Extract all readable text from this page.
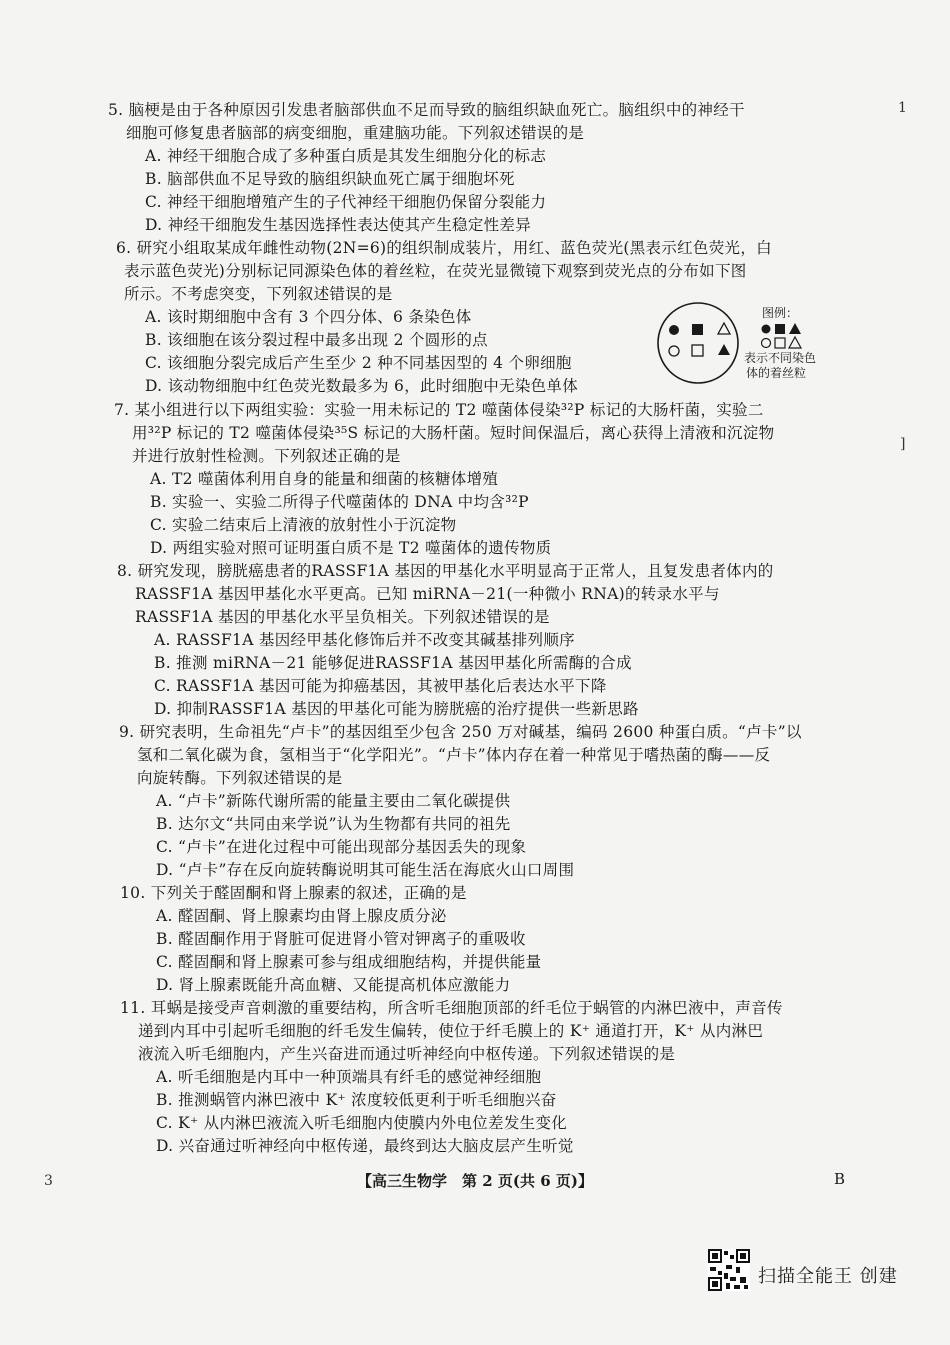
1
]
3
5. 脑梗是由于各种原因引发患者脑部供血不足而导致的脑组织缺血死亡。脑组织中的神经干
细胞可修复患者脑部的病变细胞，重建脑功能。下列叙述错误的是
A. 神经干细胞合成了多种蛋白质是其发生细胞分化的标志
B. 脑部供血不足导致的脑组织缺血死亡属于细胞坏死
C. 神经干细胞增殖产生的子代神经干细胞仍保留分裂能力
D. 神经干细胞发生基因选择性表达使其产生稳定性差异
6. 研究小组取某成年雌性动物(2N=6)的组织制成装片，用红、蓝色荧光(黑表示红色荧光，白
表示蓝色荧光)分别标记同源染色体的着丝粒，在荧光显微镜下观察到荧光点的分布如下图
所示。不考虑突变，下列叙述错误的是
A. 该时期细胞中含有 3 个四分体、6 条染色体
B. 该细胞在该分裂过程中最多出现 2 个圆形的点
C. 该细胞分裂完成后产生至少 2 种不同基因型的 4 个卵细胞
D. 该动物细胞中红色荧光数最多为 6，此时细胞中无染色单体
图例：
表示不同染色
体的着丝粒
7. 某小组进行以下两组实验：实验一用未标记的 T2 噬菌体侵染³²P 标记的大肠杆菌，实验二
用³²P 标记的 T2 噬菌体侵染³⁵S 标记的大肠杆菌。短时间保温后，离心获得上清液和沉淀物
并进行放射性检测。下列叙述正确的是
A. T2 噬菌体利用自身的能量和细菌的核糖体增殖
B. 实验一、实验二所得子代噬菌体的 DNA 中均含³²P
C. 实验二结束后上清液的放射性小于沉淀物
D. 两组实验对照可证明蛋白质不是 T2 噬菌体的遗传物质
8. 研究发现，膀胱癌患者的RASSF1A 基因的甲基化水平明显高于正常人，且复发患者体内的
RASSF1A 基因甲基化水平更高。已知 miRNA－21(一种微小 RNA)的转录水平与
RASSF1A 基因的甲基化水平呈负相关。下列叙述错误的是
A. RASSF1A 基因经甲基化修饰后并不改变其碱基排列顺序
B. 推测 miRNA－21 能够促进RASSF1A 基因甲基化所需酶的合成
C. RASSF1A 基因可能为抑癌基因，其被甲基化后表达水平下降
D. 抑制RASSF1A 基因的甲基化可能为膀胱癌的治疗提供一些新思路
9. 研究表明，生命祖先“卢卡”的基因组至少包含 250 万对碱基，编码 2600 种蛋白质。“卢卡”以
氢和二氧化碳为食，氢相当于“化学阳光”。“卢卡”体内存在着一种常见于嗜热菌的酶——反
向旋转酶。下列叙述错误的是
A. “卢卡”新陈代谢所需的能量主要由二氧化碳提供
B. 达尔文“共同由来学说”认为生物都有共同的祖先
C. “卢卡”在进化过程中可能出现部分基因丢失的现象
D. “卢卡”存在反向旋转酶说明其可能生活在海底火山口周围
10. 下列关于醛固酮和肾上腺素的叙述，正确的是
A. 醛固酮、肾上腺素均由肾上腺皮质分泌
B. 醛固酮作用于肾脏可促进肾小管对钾离子的重吸收
C. 醛固酮和肾上腺素可参与组成细胞结构，并提供能量
D. 肾上腺素既能升高血糖、又能提高机体应激能力
11. 耳蜗是接受声音刺激的重要结构，所含听毛细胞顶部的纤毛位于蜗管的内淋巴液中，声音传
递到内耳中引起听毛细胞的纤毛发生偏转，使位于纤毛膜上的 K⁺ 通道打开，K⁺ 从内淋巴
液流入听毛细胞内，产生兴奋进而通过听神经向中枢传递。下列叙述错误的是
A. 听毛细胞是内耳中一种顶端具有纤毛的感觉神经细胞
B. 推测蜗管内淋巴液中 K⁺ 浓度较低更利于听毛细胞兴奋
C. K⁺ 从内淋巴液流入听毛细胞内使膜内外电位差发生变化
D. 兴奋通过听神经向中枢传递，最终到达大脑皮层产生听觉
【高三生物学　第 2 页(共 6 页)】	B
扫描全能王 创建
